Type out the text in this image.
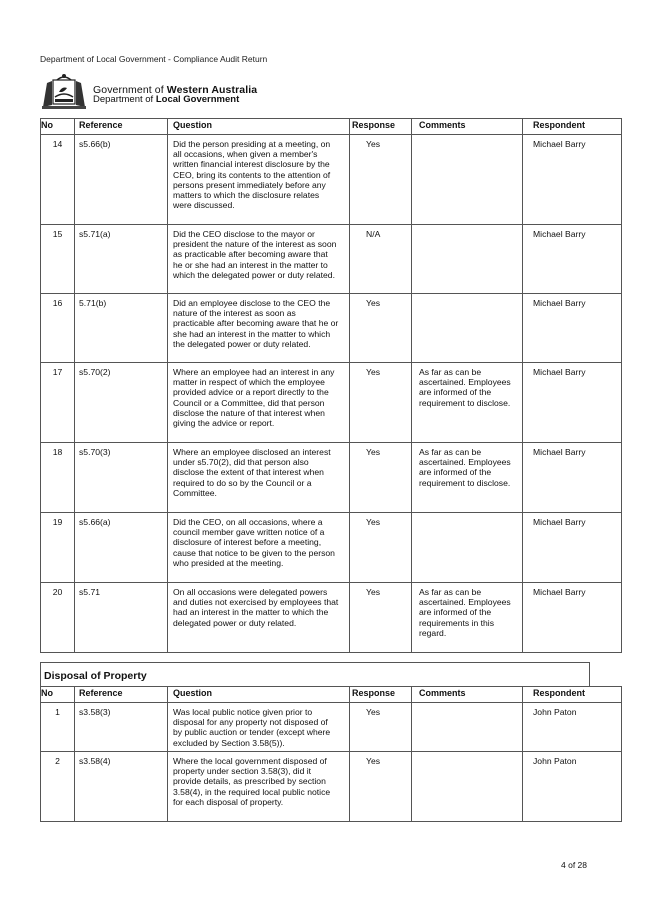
Department of Local Government - Compliance Audit Return
Government of Western Australia
Department of Local Government
No	Reference	Question	Response	Comments	Respondent
14	s5.66(b)	Did the person presiding at a meeting, on all occasions, when given a member's written financial interest disclosure by the CEO, bring its contents to the attention of persons present immediately before any matters to which the disclosure relates were discussed.	Yes		Michael Barry
15	s5.71(a)	Did the CEO disclose to the mayor or president the nature of the interest as soon as practicable after becoming aware that he or she had an interest in the matter to which the delegated power or duty related.	N/A		Michael Barry
16	5.71(b)	Did an employee disclose to the CEO the nature of the interest as soon as practicable after becoming aware that he or she had an interest in the matter to which the delegated power or duty related.	Yes		Michael Barry
17	s5.70(2)	Where an employee had an interest in any matter in respect of which the employee provided advice or a report directly to the Council or a Committee, did that person disclose the nature of that interest when giving the advice or report.	Yes	As far as can be ascertained. Employees are informed of the requirement to disclose.	Michael Barry
18	s5.70(3)	Where an employee disclosed an interest under s5.70(2), did that person also disclose the extent of that interest when required to do so by the Council or a Committee.	Yes	As far as can be ascertained. Employees are informed of the requirement to disclose.	Michael Barry
19	s5.66(a)	Did the CEO, on all occasions, where a council member gave written notice of a disclosure of interest before a meeting, cause that notice to be given to the person who presided at the meeting.	Yes		Michael Barry
20	s5.71	On all occasions were delegated powers and duties not exercised by employees that had an interest in the matter to which the delegated power or duty related.	Yes	As far as can be ascertained. Employees are informed of the requirements in this regard.	Michael Barry
Disposal of Property
No	Reference	Question	Response	Comments	Respondent
1	s3.58(3)	Was local public notice given prior to disposal for any property not disposed of by public auction or tender (except where excluded by Section 3.58(5)).	Yes		John Paton
2	s3.58(4)	Where the local government disposed of property under section 3.58(3), did it provide details, as prescribed by section 3.58(4), in the required local public notice for each disposal of property.	Yes		John Paton
4 of 28
